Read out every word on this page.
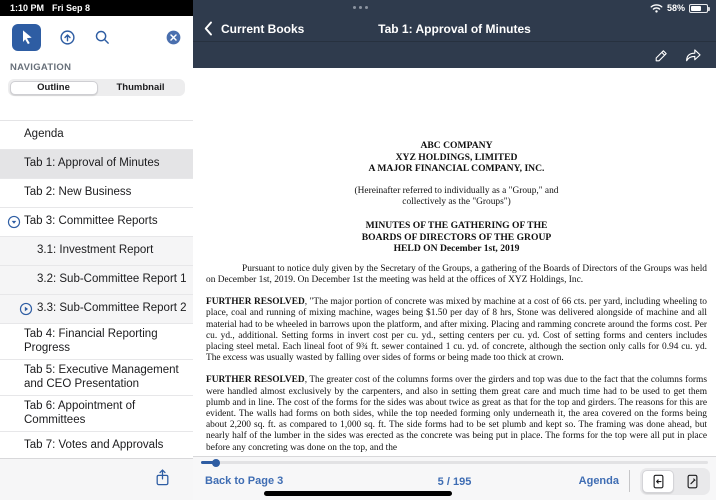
1:10 PM Fri Sep 8	58%
NAVIGATION
Outline	Thumbnail
Agenda
Tab 1: Approval of Minutes
Tab 2: New Business
Tab 3: Committee Reports
3.1: Investment Report
3.2: Sub-Committee Report 1
3.3: Sub-Committee Report 2
Tab 4: Financial Reporting Progress
Tab 5: Executive Management and CEO Presentation
Tab 6: Appointment of Committees
Tab 7: Votes and Approvals
Current Books	Tab 1: Approval of Minutes
ABC COMPANY
XYZ HOLDINGS, LIMITED
A MAJOR FINANCIAL COMPANY, INC.
(Hereinafter referred to individually as a "Group," and
collectively as the "Groups")
MINUTES OF THE GATHERING OF THE
BOARDS OF DIRECTORS OF THE GROUP
HELD ON December 1st, 2019
Pursuant to notice duly given by the Secretary of the Groups, a gathering of the Boards of Directors of the Groups was held on December 1st, 2019. On December 1st the meeting was held at the offices of XYZ Holdings, Inc.
FURTHER RESOLVED, "The major portion of concrete was mixed by machine at a cost of 66 cts. per yard, including wheeling to place, coal and running of mixing machine, wages being $1.50 per day of 8 hrs, Stone was delivered alongside of machine and all material had to be wheeled in barrows upon the platform, and after mixing. Placing and ramming concrete around the forms cost. Per cu. yd., additional. Setting forms in invert cost per cu. yd., setting centers per cu. yd. Cost of setting forms and centers includes placing steel metal. Each lineal foot of 9¾ ft. sewer contained 1 cu. yd. of concrete, although the section only calls for 0.94 cu. yd. The excess was usually wasted by falling over sides of forms or being made too thick at crown.
FURTHER RESOLVED, The greater cost of the columns forms over the girders and top was due to the fact that the columns forms were handled almost exclusively by the carpenters, and also in setting them great care and much time had to be used to get them plumb and in line. The cost of the forms for the sides was about twice as great as that for the top and girders. The reasons for this are evident. The walls had forms on both sides, while the top needed forming only underneath it, the area covered on the forms being about 2,200 sq. ft. as compared to 1,000 sq. ft. The side forms had to be set plumb and kept so. The framing was done ahead, but nearly half of the lumber in the sides was erected as the concrete was being put in place. The forms for the top were all put in place before any concreting was done on the top, and the
Back to Page 3	5 / 195	Agenda
